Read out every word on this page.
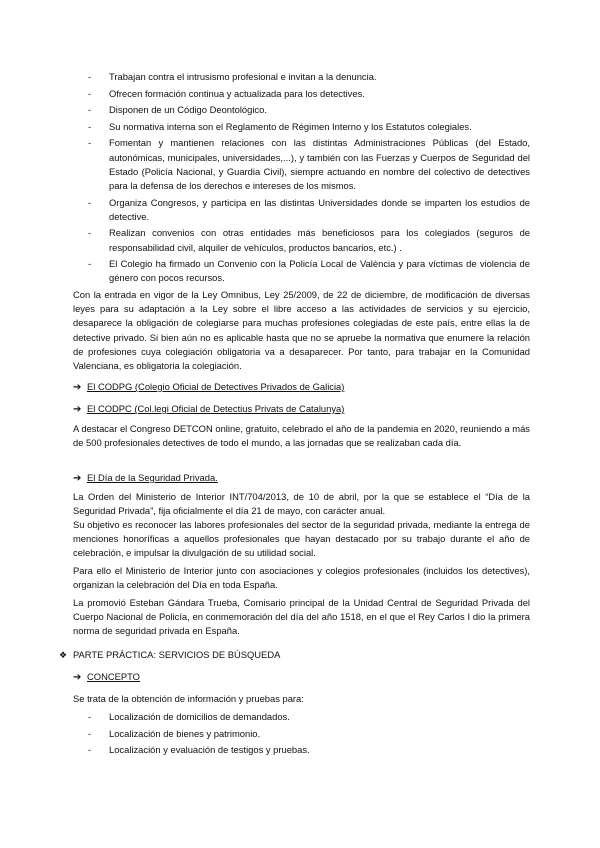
- Trabajan contra el intrusismo profesional e invitan a la denuncia.
- Ofrecen formación continua y actualizada para los detectives.
- Disponen de un Código Deontológico.
- Su normativa interna son el Reglamento de Régimen Interno y los Estatutos colegiales.
- Fomentan y mantienen relaciones con las distintas Administraciones Públicas (del Estado, autonómicas, municipales, universidades,...), y también con las Fuerzas y Cuerpos de Seguridad del Estado (Policía Nacional, y Guardia Civil), siempre actuando en nombre del colectivo de detectives para la defensa de los derechos e intereses de los mismos.
- Organiza Congresos, y participa en las distintas Universidades donde se imparten los estudios de detective.
- Realizan convenios con otras entidades más beneficiosos para los colegiados (seguros de responsabilidad civil, alquiler de vehículos, productos bancarios, etc.) .
- El Colegio ha firmado un Convenio con la Policía Local de València y para víctimas de violencia de género con pocos recursos.
Con la entrada en vigor de la Ley Omnibus, Ley 25/2009, de 22 de diciembre, de modificación de diversas leyes para su adaptación a la Ley sobre el libre acceso a las actividades de servicios y su ejercicio, desaparece la obligación de colegiarse para muchas profesiones colegiadas de este país, entre ellas la de detective privado. Si bien aún no es aplicable hasta que no se apruebe la normativa que enumere la relación de profesiones cuya colegiación obligatoria va a desaparecer. Por tanto, para trabajar en la Comunidad Valenciana, es obligatoria la colegiación.
➔ El CODPG (Colegio Oficial de Detectives Privados de Galicia)
➔ El CODPC (Col.legi Oficial de Detectius Privats de Catalunya)
A destacar el Congreso DETCON online, gratuito, celebrado el año de la pandemia en 2020, reuniendo a más de 500 profesionales detectives de todo el mundo, a las jornadas que se realizaban cada día.
➔ El Día de la Seguridad Privada.
La Orden del Ministerio de Interior INT/704/2013, de 10 de abril, por la que se establece el “Día de la Seguridad Privada”, fija oficialmente el día 21 de mayo, con carácter anual.
Su objetivo es reconocer las labores profesionales del sector de la seguridad privada, mediante la entrega de menciones honoríficas a aquellos profesionales que hayan destacado por su trabajo durante el año de celebración, e impulsar la divulgación de su utilidad social.
Para ello el Ministerio de Interior junto con asociaciones y colegios profesionales (incluidos los detectives), organizan la celebración del Día en toda España.
La promovió Esteban Gándara Trueba, Comisario principal de la Unidad Central de Seguridad Privada del Cuerpo Nacional de Policía, en conmemoración del día del año 1518, en el que el Rey Carlos I dio la primera norma de seguridad privada en España.
❖ PARTE PRÁCTICA: SERVICIOS DE BÚSQUEDA
➔ CONCEPTO
Se trata de la obtención de información y pruebas para:
- Localización de domicilios de demandados.
- Localización de bienes y patrimonio.
- Localización y evaluación de testigos y pruebas.
